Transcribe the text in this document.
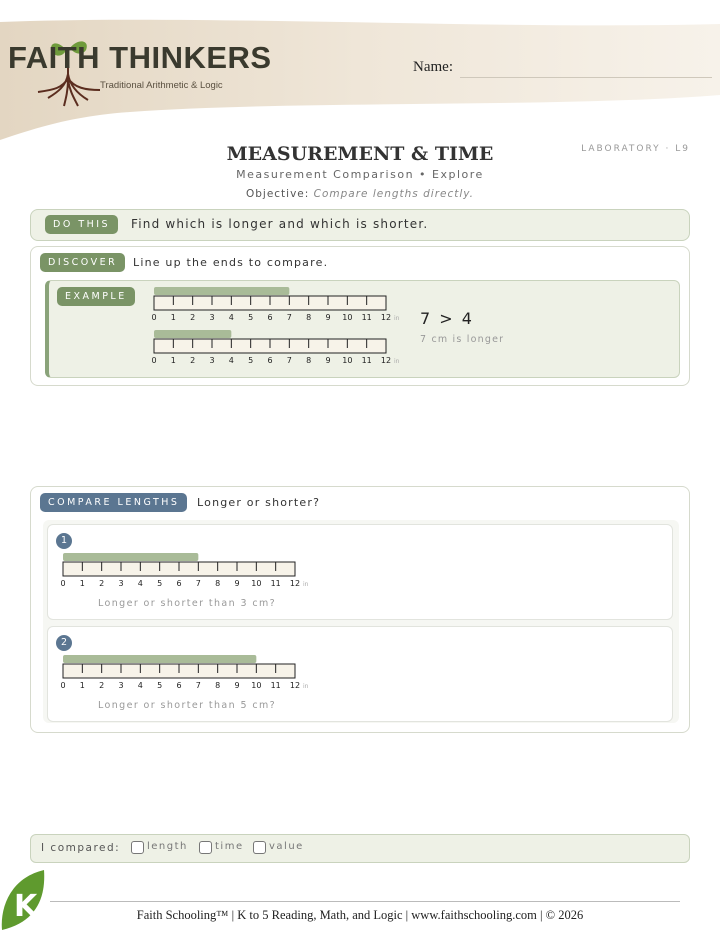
FAITH THINKERS
Traditional Arithmetic & Logic
Name:
LABORATORY · L9
MEASUREMENT & TIME
Measurement Comparison • Explore
Objective: Compare lengths directly.
DO THIS	Find which is longer and which is shorter.
DISCOVER	Line up the ends to compare.
EXAMPLE
0 1 2 3 4 5 6 7 8 9 10 11 12 in
0 1 2 3 4 5 6 7 8 9 10 11 12 in
7 > 4
7 cm is longer
COMPARE LENGTHS	Longer or shorter?
1
0 1 2 3 4 5 6 7 8 9 10 11 12 in
Longer or shorter than 3 cm?
2
0 1 2 3 4 5 6 7 8 9 10 11 12 in
Longer or shorter than 5 cm?
I compared:	length	time	value
K	Faith Schooling™ | K to 5 Reading, Math, and Logic | www.faithschooling.com | © 2026
